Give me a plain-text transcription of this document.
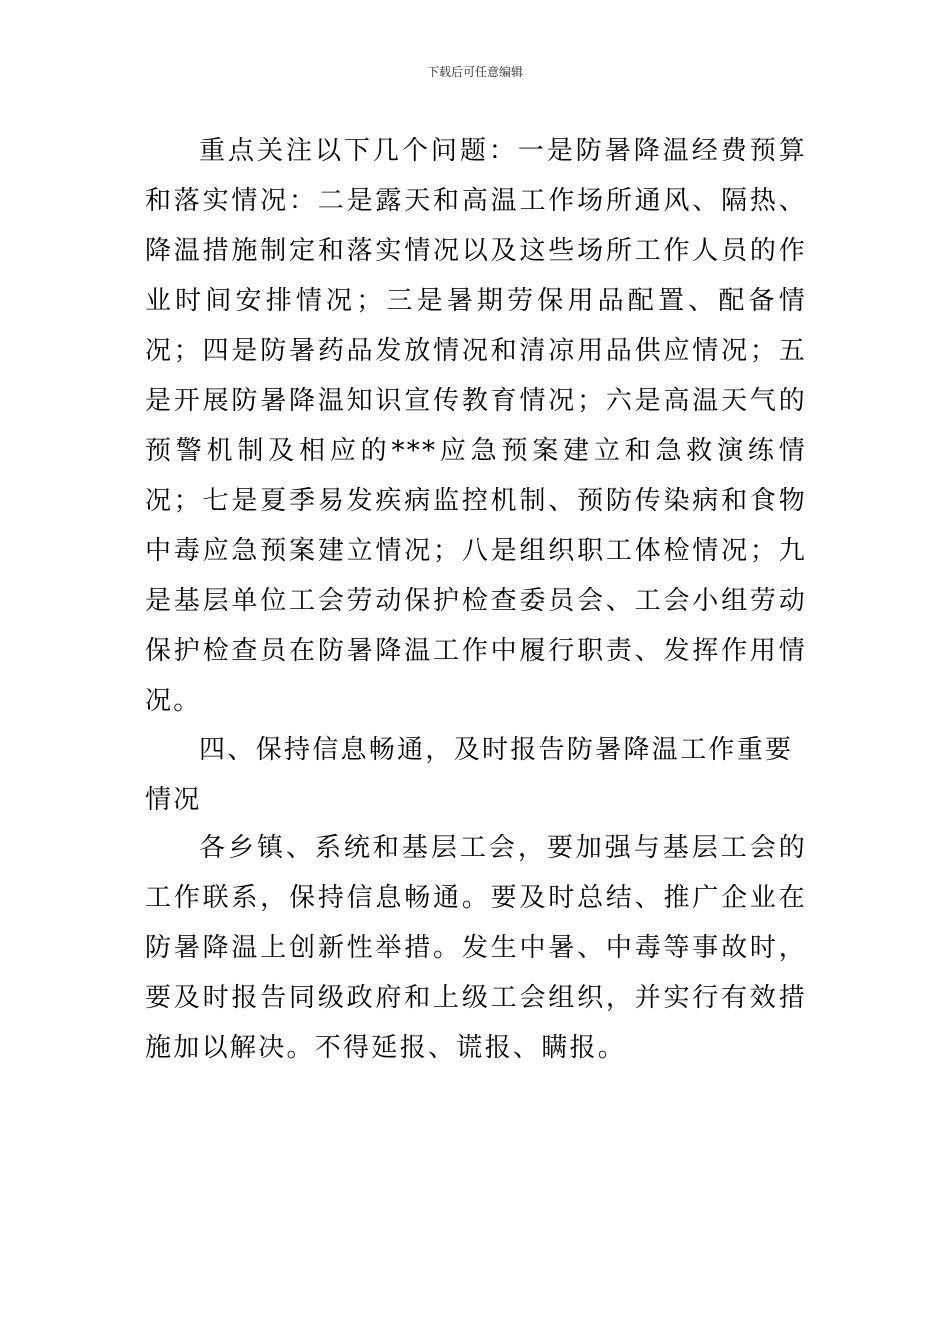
下载后可任意编辑

重点关注以下几个问题：一是防暑降温经费预算和落实情况：二是露天和高温工作场所通风、隔热、降温措施制定和落实情况以及这些场所工作人员的作业时间安排情况；三是暑期劳保用品配置、配备情况；四是防暑药品发放情况和清凉用品供应情况；五是开展防暑降温知识宣传教育情况；六是高温天气的预警机制及相应的***应急预案建立和急救演练情况；七是夏季易发疾病监控机制、预防传染病和食物中毒应急预案建立情况；八是组织职工体检情况；九是基层单位工会劳动保护检查委员会、工会小组劳动保护检查员在防暑降温工作中履行职责、发挥作用情况。

四、保持信息畅通，及时报告防暑降温工作重要情况

各乡镇、系统和基层工会，要加强与基层工会的工作联系，保持信息畅通。要及时总结、推广企业在防暑降温上创新性举措。发生中暑、中毒等事故时，要及时报告同级政府和上级工会组织，并实行有效措施加以解决。不得延报、谎报、瞒报。
